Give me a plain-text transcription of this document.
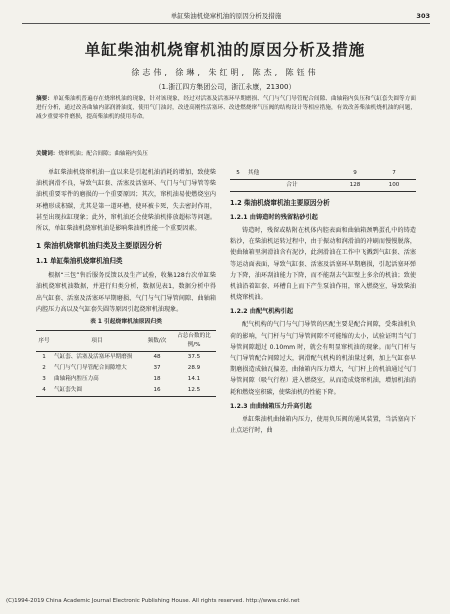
单缸柴油机烧窜机油的原因分析及措施	303
单缸柴油机烧窜机油的原因分析及措施
徐志伟, 徐琳, 朱红明, 陈杰, 陈钰伟
（1.浙江四方集团公司，浙江永康，21300）
摘要：单缸柴油机普遍存在烧窜机油的现象，针对该现象，经过对活塞及活塞环早期磨损、气门与气门导管配合间隙、曲轴箱内负压和气缸套失圆等方面进行分析，通过改善曲轴内部润滑油度，使用气门油封，改进高刚性活塞环、改进燃烧窜气压阀的结构设计等相应措施，有效改善柴油机烧机油的问题，减少重要零件磨损，提高柴油机的使用寿命。
关键词：烧窜机油；配合间隙；曲轴箱内负压

单缸柴油机烧窜机油一直以来是引起机油消耗的增加，致使柴油机润滑不良，导致气缸套、活塞及活塞环、气门与气门导管等柴油机重要零件的磨损的一个重要原因；其次，窜机油易使燃烧室内环槽形成积碳，尤其是第一道环槽，使环被卡死，失去密封作用，甚至出现拉缸现象；此外，窜机油还会使柴油机排放超标等问题。所以，单缸柴油机烧窜机油是影响柴油机性能一个重要因素。

1 柴油机烧窜机油归类及主要原因分析
1.1 单缸柴油机烧窜机油归类

根据“三包”售后服务反馈以及生产试验，收集128台次单缸柴油机烧窜机油数据，并进行归类分析，数据见表1，数据分析中得出气缸套、活塞及活塞环早期磨损、气门与气门导管间隙、曲轴箱内腔压力高以及气缸套失圆等原因引起烧窜机油现象。

表 1 引起烧窜机油原因归类
序号	项目	频数/次	占总台数的比例/%
1	气缸套、活塞及活塞环早期磨损	48	37.5
2	气门与气门导管配合间隙增大	37	28.9
3	曲轴箱内腔压力高	18	14.1
4	气缸套失圆	16	12.5
5	其他	9	7
	合计	128	100
1.2 柴油机烧窜机油主要原因分析
1.2.1 由铸造时的残留粘砂引起

铸造时，残留或粘附在机体内腔表面和曲轴箱颈鸭蛋孔中的铸造粘沙，在柴油机运转过程中，由于振动和润滑油的冲刷而慢慢脱落，使曲轴箱里润滑油含有泥沙，此润滑油在工作中飞溅到气缸套、活塞等运动面表面，导致气缸套、活塞及活塞环早期磨损，引起活塞环弹力下降，油环刮油能力下降，而不能刮去气缸壁上多余的机油；致使机油沿着缸套、环槽自上而下产生泵油作用，窜入燃烧室，导致柴油机烧窜机油。

1.2.2 由配气机构引起

配气机构的气门与气门导管的匹配主要是配合间隙，受柴油机负荷的影响，气门杆与气门导管间隙不可能缩的太小，试验证明当气门导管间隙超过 0.10mm 时，就会有明显窜机油的现象。而气门杆与气门导管配合间隙过大，润滑配气机构的机油量过剩，加上气缸套早期磨损造成轴瓦偏差，曲轴箱内压力增大，气门杆上的机油通过气门导管间隙（吸气行程）进入燃烧室，从而造成烧窜机油，增加机油消耗和燃烧室积碳，使柴油机的性能下降。

1.2.3 由曲轴箱压力升高引起

单缸柴油机曲轴箱内压力，使用负压阀的通风装置，当活塞向下止点运行时，曲

(C)1994-2019 China Academic Journal Electronic Publishing House. All rights reserved. http://www.cnki.net
